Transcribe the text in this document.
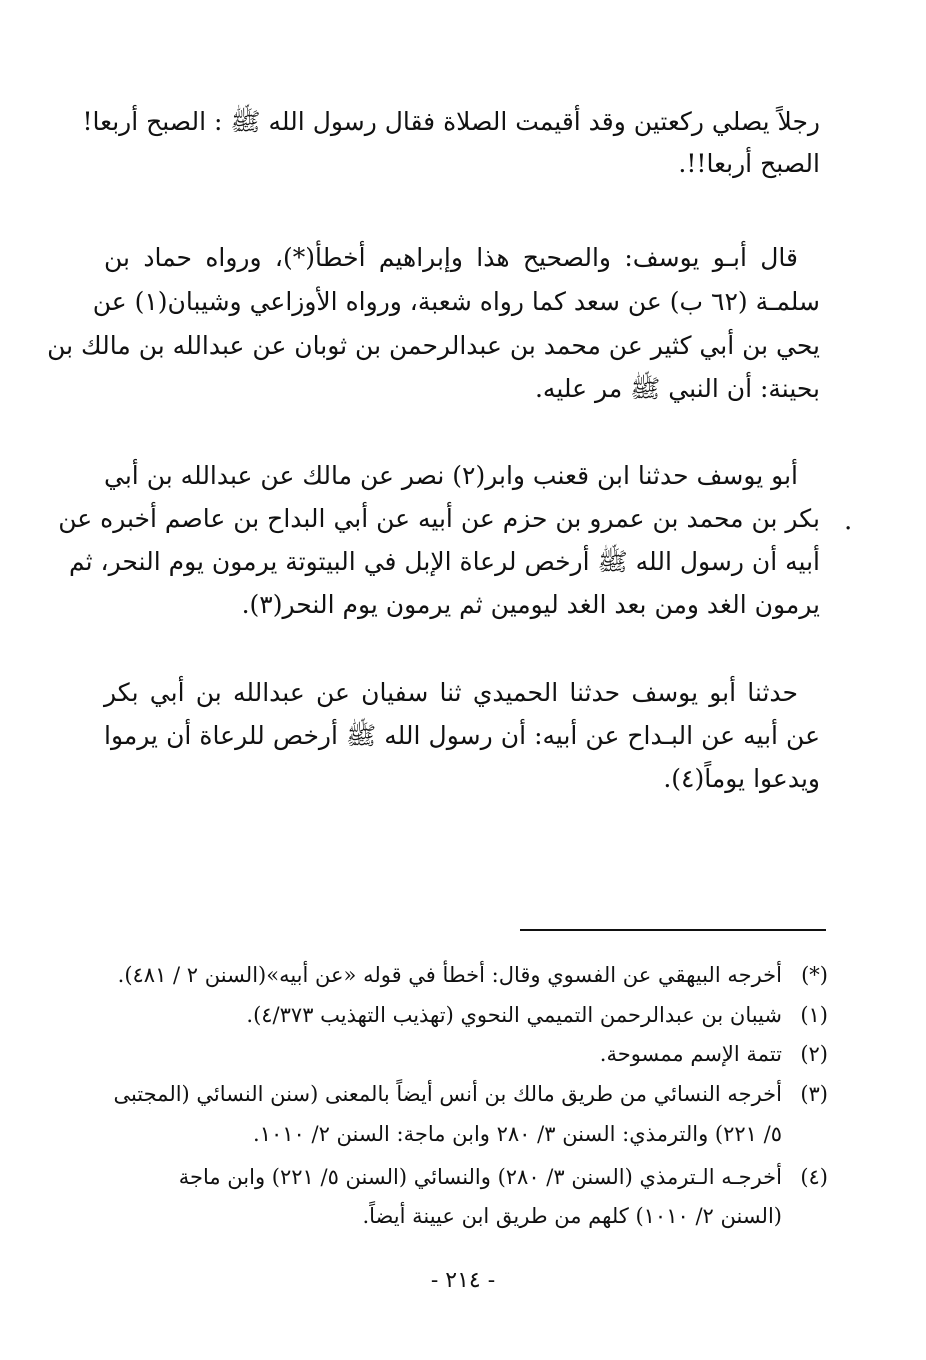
رجلاً يصلي ركعتين وقد أقيمت الصلاة فقال رسول الله ﷺ : الصبح أربعا!
الصبح أربعا!!.
قال أبـو يوسف: والصحيح هذا وإبراهيم أخطأ(*)، ورواه حماد بن
سلمـة (٦٢ ب) عن سعد كما رواه شعبة، ورواه الأوزاعي وشيبان(١) عن
يحي بن أبي كثير عن محمد بن عبدالرحمن بن ثوبان عن عبدالله بن مالك بن
بحينة: أن النبي ﷺ مر عليه.
أبو يوسف حدثنا ابن قعنب وابر(٢) نصر عن مالك عن عبدالله بن أبي
بكر بن محمد بن عمرو بن حزم عن أبيه عن أبي البداح بن عاصم أخبره عن
أبيه أن رسول الله ﷺ أرخص لرعاة الإبل في البيتوتة يرمون يوم النحر، ثم
يرمون الغد ومن بعد الغد ليومين ثم يرمون يوم النحر(٣).
.
حدثنا أبو يوسف حدثنا الحميدي ثنا سفيان عن عبدالله بن أبي بكر
عن أبيه عن البـداح عن أبيه: أن رسول الله ﷺ أرخص للرعاة أن يرموا
ويدعوا يوماً(٤).
(*)أخرجه البيهقي عن الفسوي وقال: أخطأ في قوله «عن أبيه»(السنن ٢ / ٤٨١).
(١)شيبان بن عبدالرحمن التميمي النحوي (تهذيب التهذيب ٤/٣٧٣).
(٢)تتمة الإسم ممسوحة.
(٣)أخرجه النسائي من طريق مالك بن أنس أيضاً بالمعنى (سنن النسائي (المجتبى
٥/ ٢٢١) والترمذي: السنن ٣/ ٢٨٠ وابن ماجة: السنن ٢/ ١٠١٠.
(٤)أخرجـه الـترمذي (السنن ٣/ ٢٨٠) والنسائي (السنن ٥/ ٢٢١) وابن ماجة
(السنن ٢/ ١٠١٠) كلهم من طريق ابن عيينة أيضاً.
- ٢١٤ -
